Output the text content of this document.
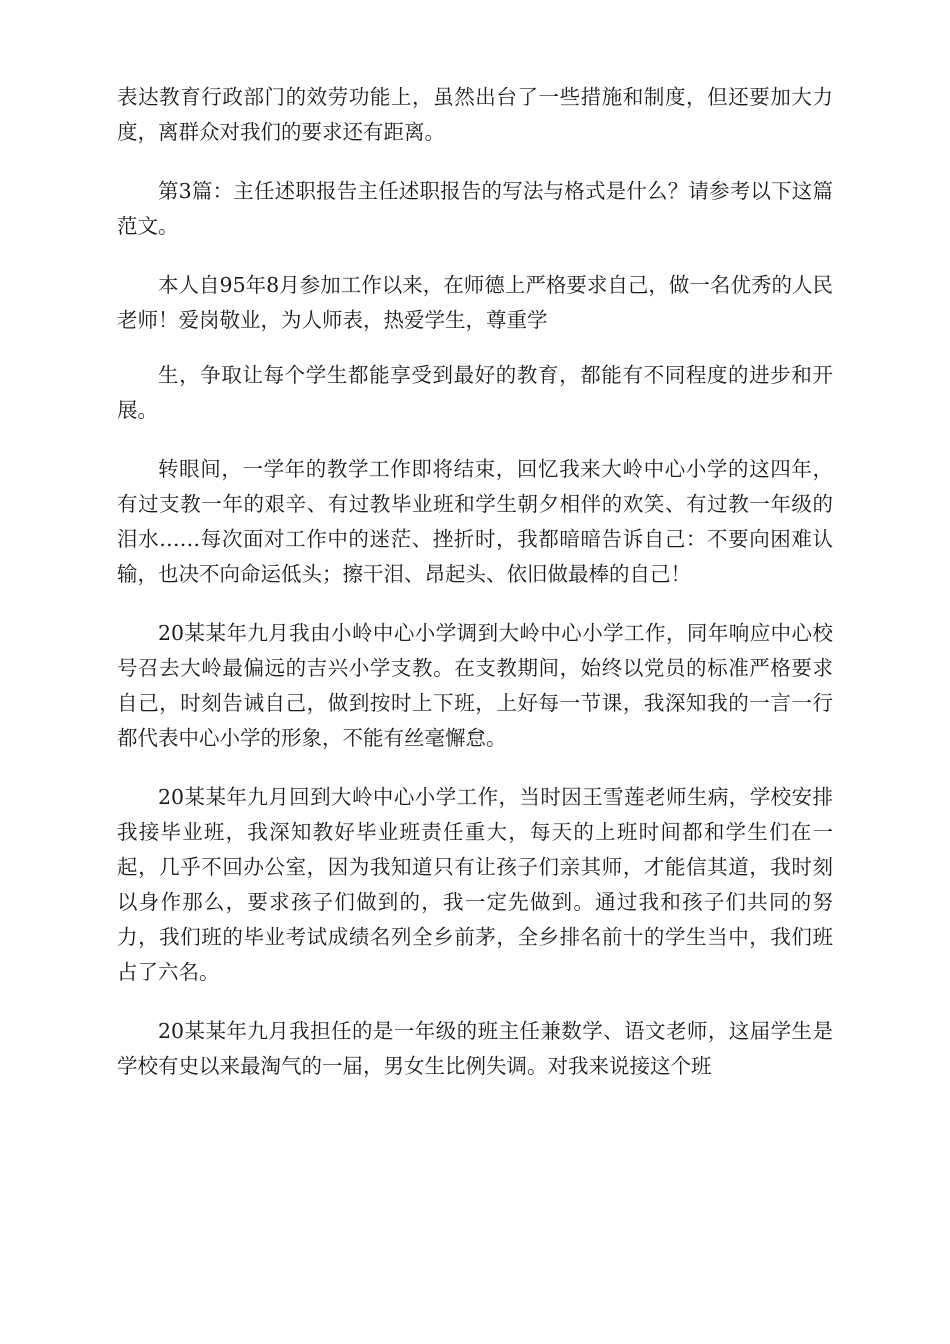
表达教育行政部门的效劳功能上，虽然出台了一些措施和制度，但还要加大力度，离群众对我们的要求还有距离。

第3篇：主任述职报告主任述职报告的写法与格式是什么？请参考以下这篇范文。

本人自95年8月参加工作以来，在师德上严格要求自己，做一名优秀的人民老师！爱岗敬业，为人师表，热爱学生，尊重学

生，争取让每个学生都能享受到最好的教育，都能有不同程度的进步和开展。

转眼间，一学年的教学工作即将结束，回忆我来大岭中心小学的这四年，有过支教一年的艰辛、有过教毕业班和学生朝夕相伴的欢笑、有过教一年级的泪水……每次面对工作中的迷茫、挫折时，我都暗暗告诉自己：不要向困难认输，也决不向命运低头；擦干泪、昂起头、依旧做最棒的自己！

20某某年九月我由小岭中心小学调到大岭中心小学工作，同年响应中心校号召去大岭最偏远的吉兴小学支教。在支教期间，始终以党员的标准严格要求自己，时刻告诫自己，做到按时上下班，上好每一节课，我深知我的一言一行都代表中心小学的形象，不能有丝毫懈怠。

20某某年九月回到大岭中心小学工作，当时因王雪莲老师生病，学校安排我接毕业班，我深知教好毕业班责任重大，每天的上班时间都和学生们在一起，几乎不回办公室，因为我知道只有让孩子们亲其师，才能信其道，我时刻以身作那么，要求孩子们做到的，我一定先做到。通过我和孩子们共同的努力，我们班的毕业考试成绩名列全乡前茅，全乡排名前十的学生当中，我们班占了六名。

20某某年九月我担任的是一年级的班主任兼数学、语文老师，这届学生是学校有史以来最淘气的一届，男女生比例失调。对我来说接这个班
